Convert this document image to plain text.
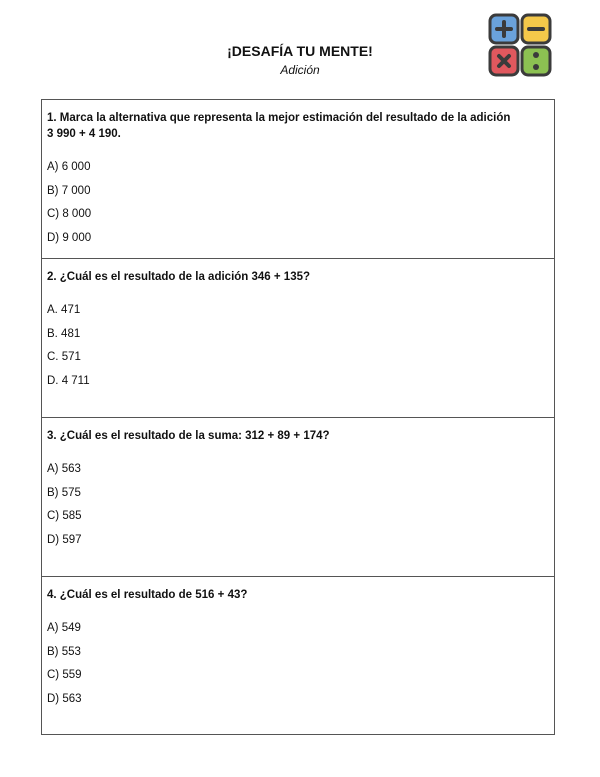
¡DESAFÍA TU MENTE!
Adición
1. Marca la alternativa que representa la mejor estimación del resultado de la adición
3 990 + 4 190.
A) 6 000
B) 7 000
C) 8 000
D) 9 000
2. ¿Cuál es el resultado de la adición 346 + 135?
A. 471
B. 481
C. 571
D. 4 711
3. ¿Cuál es el resultado de la suma: 312 + 89 + 174?
A) 563
B) 575
C) 585
D) 597
4. ¿Cuál es el resultado de 516 + 43?
A) 549
B) 553
C) 559
D) 563
